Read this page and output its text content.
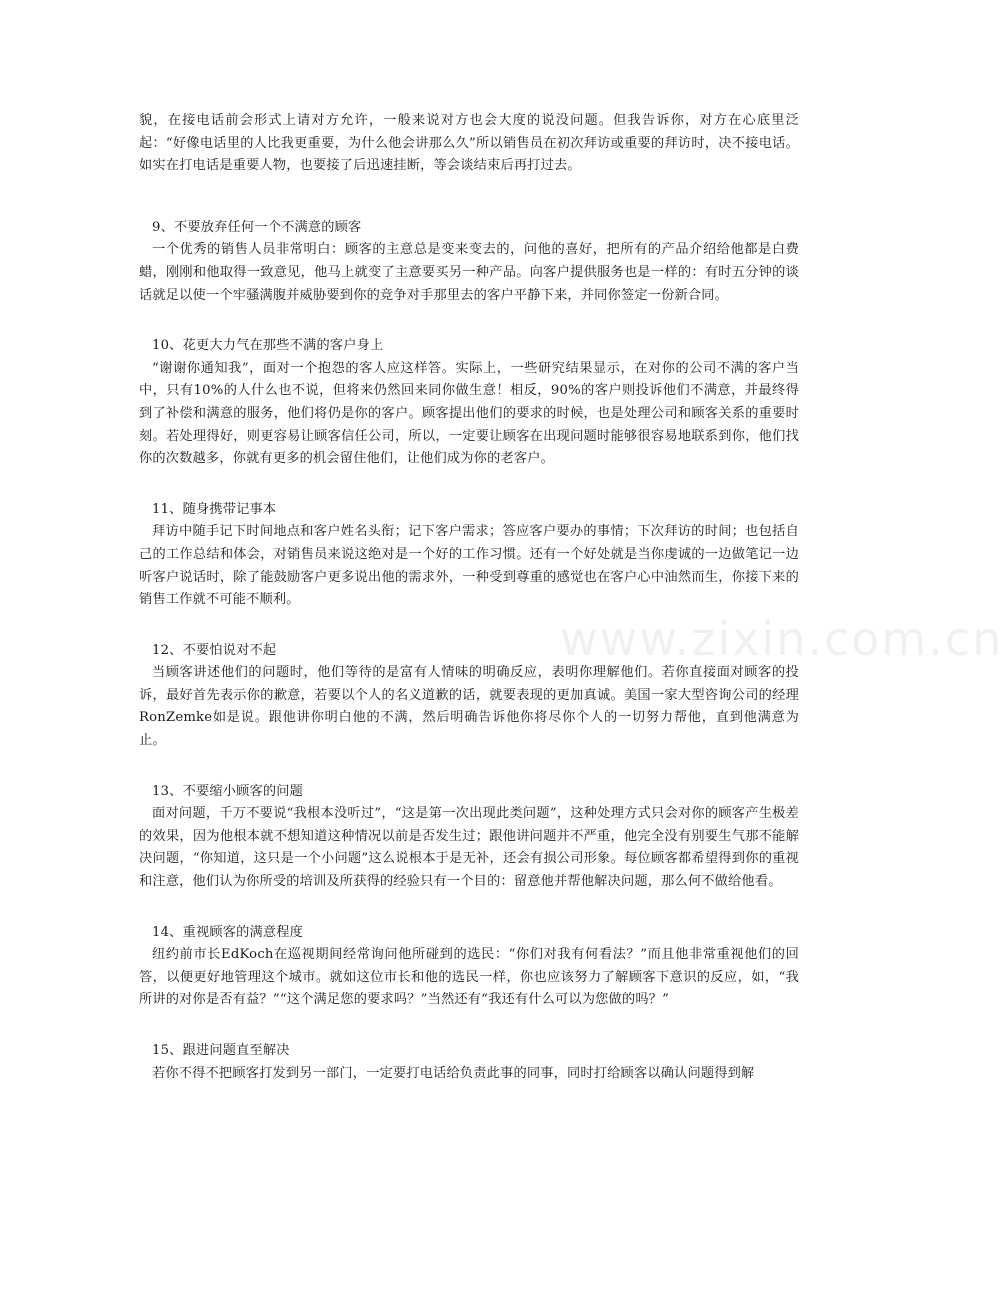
貌，在接电话前会形式上请对方允许，一般来说对方也会大度的说没问题。但我告诉你，对方在心底里泛起：“好像电话里的人比我更重要，为什么他会讲那么久”所以销售员在初次拜访或重要的拜访时，决不接电话。如实在打电话是重要人物，也要接了后迅速挂断，等会谈结束后再打过去。

9、不要放弃任何一个不满意的顾客

一个优秀的销售人员非常明白：顾客的主意总是变来变去的，问他的喜好，把所有的产品介绍给他都是白费蜡，刚刚和他取得一致意见，他马上就变了主意要买另一种产品。向客户提供服务也是一样的：有时五分钟的谈话就足以使一个牢骚满腹并威胁要到你的竞争对手那里去的客户平静下来，并同你签定一份新合同。

10、花更大力气在那些不满的客户身上

“谢谢你通知我”，面对一个抱怨的客人应这样答。实际上，一些研究结果显示，在对你的公司不满的客户当中，只有10%的人什么也不说，但将来仍然回来同你做生意！相反，90%的客户则投诉他们不满意，并最终得到了补偿和满意的服务，他们将仍是你的客户。顾客提出他们的要求的时候，也是处理公司和顾客关系的重要时刻。若处理得好，则更容易让顾客信任公司，所以，一定要让顾客在出现问题时能够很容易地联系到你，他们找你的次数越多，你就有更多的机会留住他们，让他们成为你的老客户。

11、随身携带记事本

拜访中随手记下时间地点和客户姓名头衔；记下客户需求；答应客户要办的事情；下次拜访的时间；也包括自己的工作总结和体会，对销售员来说这绝对是一个好的工作习惯。还有一个好处就是当你虔诚的一边做笔记一边听客户说话时，除了能鼓励客户更多说出他的需求外，一种受到尊重的感觉也在客户心中油然而生，你接下来的销售工作就不可能不顺利。

12、不要怕说对不起

当顾客讲述他们的问题时，他们等待的是富有人情味的明确反应，表明你理解他们。若你直接面对顾客的投诉，最好首先表示你的歉意，若要以个人的名义道歉的话，就要表现的更加真诚。美国一家大型咨询公司的经理RonZemke如是说。跟他讲你明白他的不满，然后明确告诉他你将尽你个人的一切努力帮他，直到他满意为止。

13、不要缩小顾客的问题

面对问题，千万不要说“我根本没听过”，“这是第一次出现此类问题”，这种处理方式只会对你的顾客产生极差的效果，因为他根本就不想知道这种情况以前是否发生过；跟他讲问题并不严重，他完全没有别要生气那不能解决问题，“你知道，这只是一个小问题”这么说根本于是无补，还会有损公司形象。每位顾客都希望得到你的重视和注意，他们认为你所受的培训及所获得的经验只有一个目的：留意他并帮他解决问题，那么何不做给他看。

14、重视顾客的满意程度

纽约前市长EdKoch在巡视期间经常询问他所碰到的选民：“你们对我有何看法？”而且他非常重视他们的回答，以便更好地管理这个城市。就如这位市长和他的选民一样，你也应该努力了解顾客下意识的反应，如，“我所讲的对你是否有益？”“这个满足您的要求吗？”当然还有“我还有什么可以为您做的吗？”

15、跟进问题直至解决

若你不得不把顾客打发到另一部门，一定要打电话给负责此事的同事，同时打给顾客以确认问题得到解

www.zixin.com.cn
